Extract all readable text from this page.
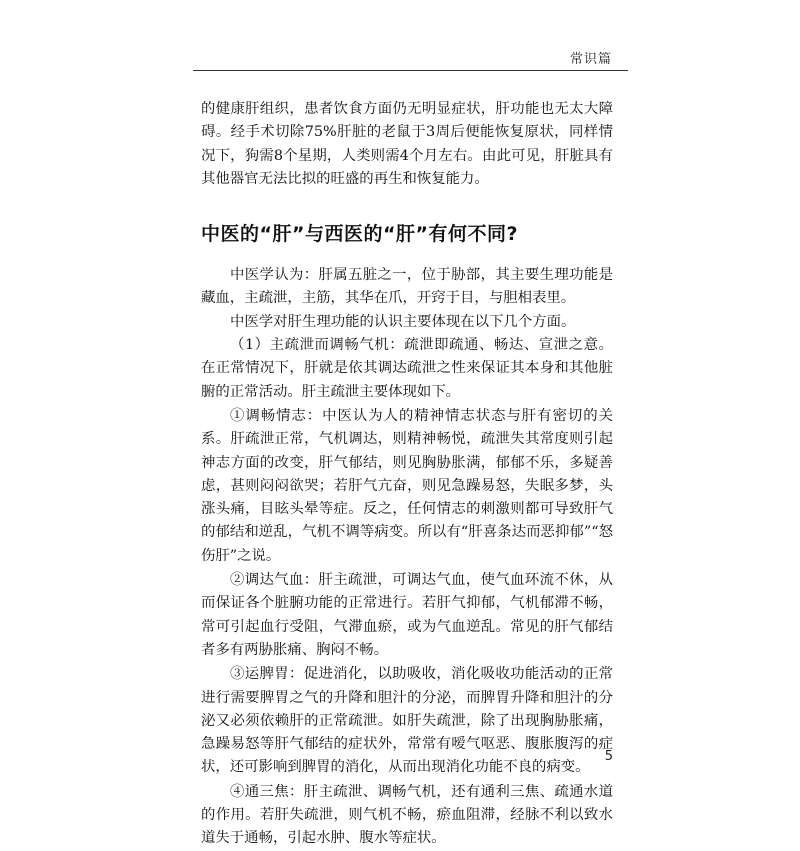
常识篇

的健康肝组织，患者饮食方面仍无明显症状，肝功能也无太大障碍。经手术切除75%肝脏的老鼠于3周后便能恢复原状，同样情况下，狗需8个星期，人类则需4个月左右。由此可见，肝脏具有其他器官无法比拟的旺盛的再生和恢复能力。

中医的“肝”与西医的“肝”有何不同?

中医学认为：肝属五脏之一，位于胁部，其主要生理功能是藏血，主疏泄，主筋，其华在爪，开窍于目，与胆相表里。

中医学对肝生理功能的认识主要体现在以下几个方面。

（1）主疏泄而调畅气机：疏泄即疏通、畅达、宣泄之意。在正常情况下，肝就是依其调达疏泄之性来保证其本身和其他脏腑的正常活动。肝主疏泄主要体现如下。

①调畅情志：中医认为人的精神情志状态与肝有密切的关系。肝疏泄正常，气机调达，则精神畅悦，疏泄失其常度则引起神志方面的改变，肝气郁结，则见胸胁胀满，郁郁不乐，多疑善虑，甚则闷闷欲哭；若肝气亢奋，则见急躁易怒，失眠多梦，头涨头痛，目眩头晕等症。反之，任何情志的刺激则都可导致肝气的郁结和逆乱，气机不调等病变。所以有“肝喜条达而恶抑郁”“怒伤肝”之说。

②调达气血：肝主疏泄，可调达气血，使气血环流不休，从而保证各个脏腑功能的正常进行。若肝气抑郁，气机郁滞不畅，常可引起血行受阻，气滞血瘀，或为气血逆乱。常见的肝气郁结者多有两胁胀痛、胸闷不畅。

③运脾胃：促进消化，以助吸收，消化吸收功能活动的正常进行需要脾胃之气的升降和胆汁的分泌，而脾胃升降和胆汁的分泌又必须依赖肝的正常疏泄。如肝失疏泄，除了出现胸胁胀痛，急躁易怒等肝气郁结的症状外，常常有嗳气呕恶、腹胀腹泻的症状，还可影响到脾胃的消化，从而出现消化功能不良的病变。

④通三焦：肝主疏泄、调畅气机，还有通利三焦、疏通水道的作用。若肝失疏泄，则气机不畅，瘀血阻滞，经脉不利以致水道失于通畅，引起水肿、腹水等症状。

5
